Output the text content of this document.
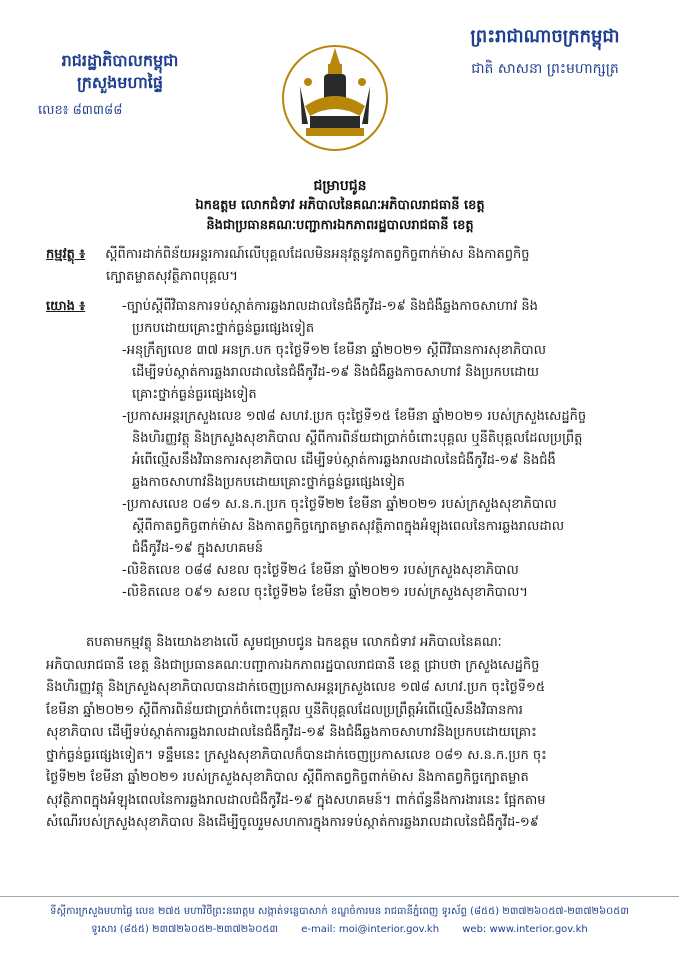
រាជរដ្ឋាភិបាលកម្ពុជា
ក្រសួងមហាផ្ទៃ
លេខ៖ ៨៣៣៨៨
ព្រះរាជាណាចក្រកម្ពុជា
ជាតិ សាសនា ព្រះមហាក្សត្រ
ជម្រាបជូន
ឯកឧត្តម លោកជំទាវ អភិបាលនៃគណៈអភិបាលរាជធានី ខេត្ត
និងជាប្រធានគណៈបញ្ជាការឯកភាពរដ្ឋបាលរាជធានី ខេត្ត
កម្មវត្ថុ ៖ ស្តីពីការដាក់ពិន័យអន្តរការណ៍លើបុគ្គលដែលមិនអនុវត្តនូវកាតព្វកិច្ចពាក់ម៉ាស និងកាតព្វកិច្ច
ក្បោតម្លាតសុវត្ថិភាពបុគ្គល។
យោង ៖	-ច្បាប់ស្តីពីវិធានការទប់ស្កាត់ការឆ្លងរាលដាលនៃជំងឺកូវីដ-១៩ និងជំងឺឆ្លងកាចសាហាវ និង
ប្រកបដោយគ្រោះថ្នាក់ធ្ងន់ធ្ងរផ្សេងទៀត
-អនុក្រឹត្យលេខ ៣៧ អនក្រ.បក ចុះថ្ងៃទី១២ ខែមីនា ឆ្នាំ២០២១ ស្តីពីវិធានការសុខាភិបាល
ដើម្បីទប់ស្កាត់ការឆ្លងរាលដាលនៃជំងឺកូវីដ-១៩ និងជំងឺឆ្លងកាចសាហាវ និងប្រកបដោយ
គ្រោះថ្នាក់ធ្ងន់ធ្ងរផ្សេងទៀត
-ប្រកាសអន្តរក្រសួងលេខ ១៧៨ សហវ.ប្រក ចុះថ្ងៃទី១៥ ខែមីនា ឆ្នាំ២០២១ របស់ក្រសួងសេដ្ឋកិច្ច
និងហិរញ្ញវត្ថុ និងក្រសួងសុខាភិបាល ស្តីពីការពិន័យជាប្រាក់ចំពោះបុគ្គល ឬនីតិបុគ្គលដែលប្រព្រឹត្ត
អំពើល្មើសនឹងវិធានការសុខាភិបាល ដើម្បីទប់ស្កាត់ការឆ្លងរាលដាលនៃជំងឺកូវីដ-១៩ និងជំងឺ
ឆ្លងកាចសាហាវនិងប្រកបដោយគ្រោះថ្នាក់ធ្ងន់ធ្ងរផ្សេងទៀត
-ប្រកាសលេខ ០៨១ ស.ន.ក.ប្រក ចុះថ្ងៃទី២២ ខែមីនា ឆ្នាំ២០២១ របស់ក្រសួងសុខាភិបាល
ស្តីពីកាតព្វកិច្ចពាក់ម៉ាស និងកាតព្វកិច្ចក្បោតម្លាតសុវត្ថិភាពក្នុងអំឡុងពេលនៃការឆ្លងរាលដាល
ជំងឺកូវីដ-១៩ ក្នុងសហគមន៍
-លិខិតលេខ ០៨៨ សខល ចុះថ្ងៃទី២៤ ខែមីនា ឆ្នាំ២០២១ របស់ក្រសួងសុខាភិបាល
-លិខិតលេខ ០៩១ សខល ចុះថ្ងៃទី២៦ ខែមីនា ឆ្នាំ២០២១ របស់ក្រសួងសុខាភិបាល។
តបតាមកម្មវត្ថុ និងយោងខាងលើ សូមជម្រាបជូន ឯកឧត្តម លោកជំទាវ អភិបាលនៃគណៈ
អភិបាលរាជធានី ខេត្ត និងជាប្រធានគណៈបញ្ជាការឯកភាពរដ្ឋបាលរាជធានី ខេត្ត ជ្រាបថា ក្រសួងសេដ្ឋកិច្ច
និងហិរញ្ញវត្ថុ និងក្រសួងសុខាភិបាលបានដាក់ចេញប្រកាសអន្តរក្រសួងលេខ ១៧៨ សហវ.ប្រក ចុះថ្ងៃទី១៥
ខែមីនា ឆ្នាំ២០២១ ស្តីពីការពិន័យជាប្រាក់ចំពោះបុគ្គល ឬនីតិបុគ្គលដែលប្រព្រឹត្តអំពើល្មើសនឹងវិធានការ
សុខាភិបាល ដើម្បីទប់ស្កាត់ការឆ្លងរាលដាលនៃជំងឺកូវីដ-១៩ និងជំងឺឆ្លងកាចសាហាវនិងប្រកបដោយគ្រោះ
ថ្នាក់ធ្ងន់ធ្ងរផ្សេងទៀត។ ទន្ទឹមនេះ ក្រសួងសុខាភិបាលក៏បានដាក់ចេញប្រកាសលេខ ០៨១ ស.ន.ក.ប្រក ចុះ
ថ្ងៃទី២២ ខែមីនា ឆ្នាំ២០២១ របស់ក្រសួងសុខាភិបាល ស្តីពីកាតព្វកិច្ចពាក់ម៉ាស និងកាតព្វកិច្ចក្បោតម្លាត
សុវត្ថិភាពក្នុងអំឡុងពេលនៃការឆ្លងរាលដាលជំងឺកូវីដ-១៩ ក្នុងសហគមន៍។ ពាក់ព័ន្ធនឹងការងារនេះ ផ្អែកតាម
សំណើរបស់ក្រសួងសុខាភិបាល និងដើម្បីចូលរួមសហការក្នុងការទប់ស្កាត់ការឆ្លងរាលដាលនៃជំងឺកូវីដ-១៩
ទីស្តីការក្រសួងមហាផ្ទៃ លេខ ២៧៥ មហាវិថីព្រះនរោត្តម សង្កាត់ទន្លេបាសាក់ ខណ្ឌចំការមន រាជធានីភ្នំពេញ ទូរស័ព្ទ (៨៥៥) ២៣៧២៦០៥៧-២៣៧២៦០៥៣
ទូរសារ (៨៥៥) ២៣៧២៦០៥២-២៣៧២៦០៥៣ e-mail: moi@interior.gov.kh web: www.interior.gov.kh
